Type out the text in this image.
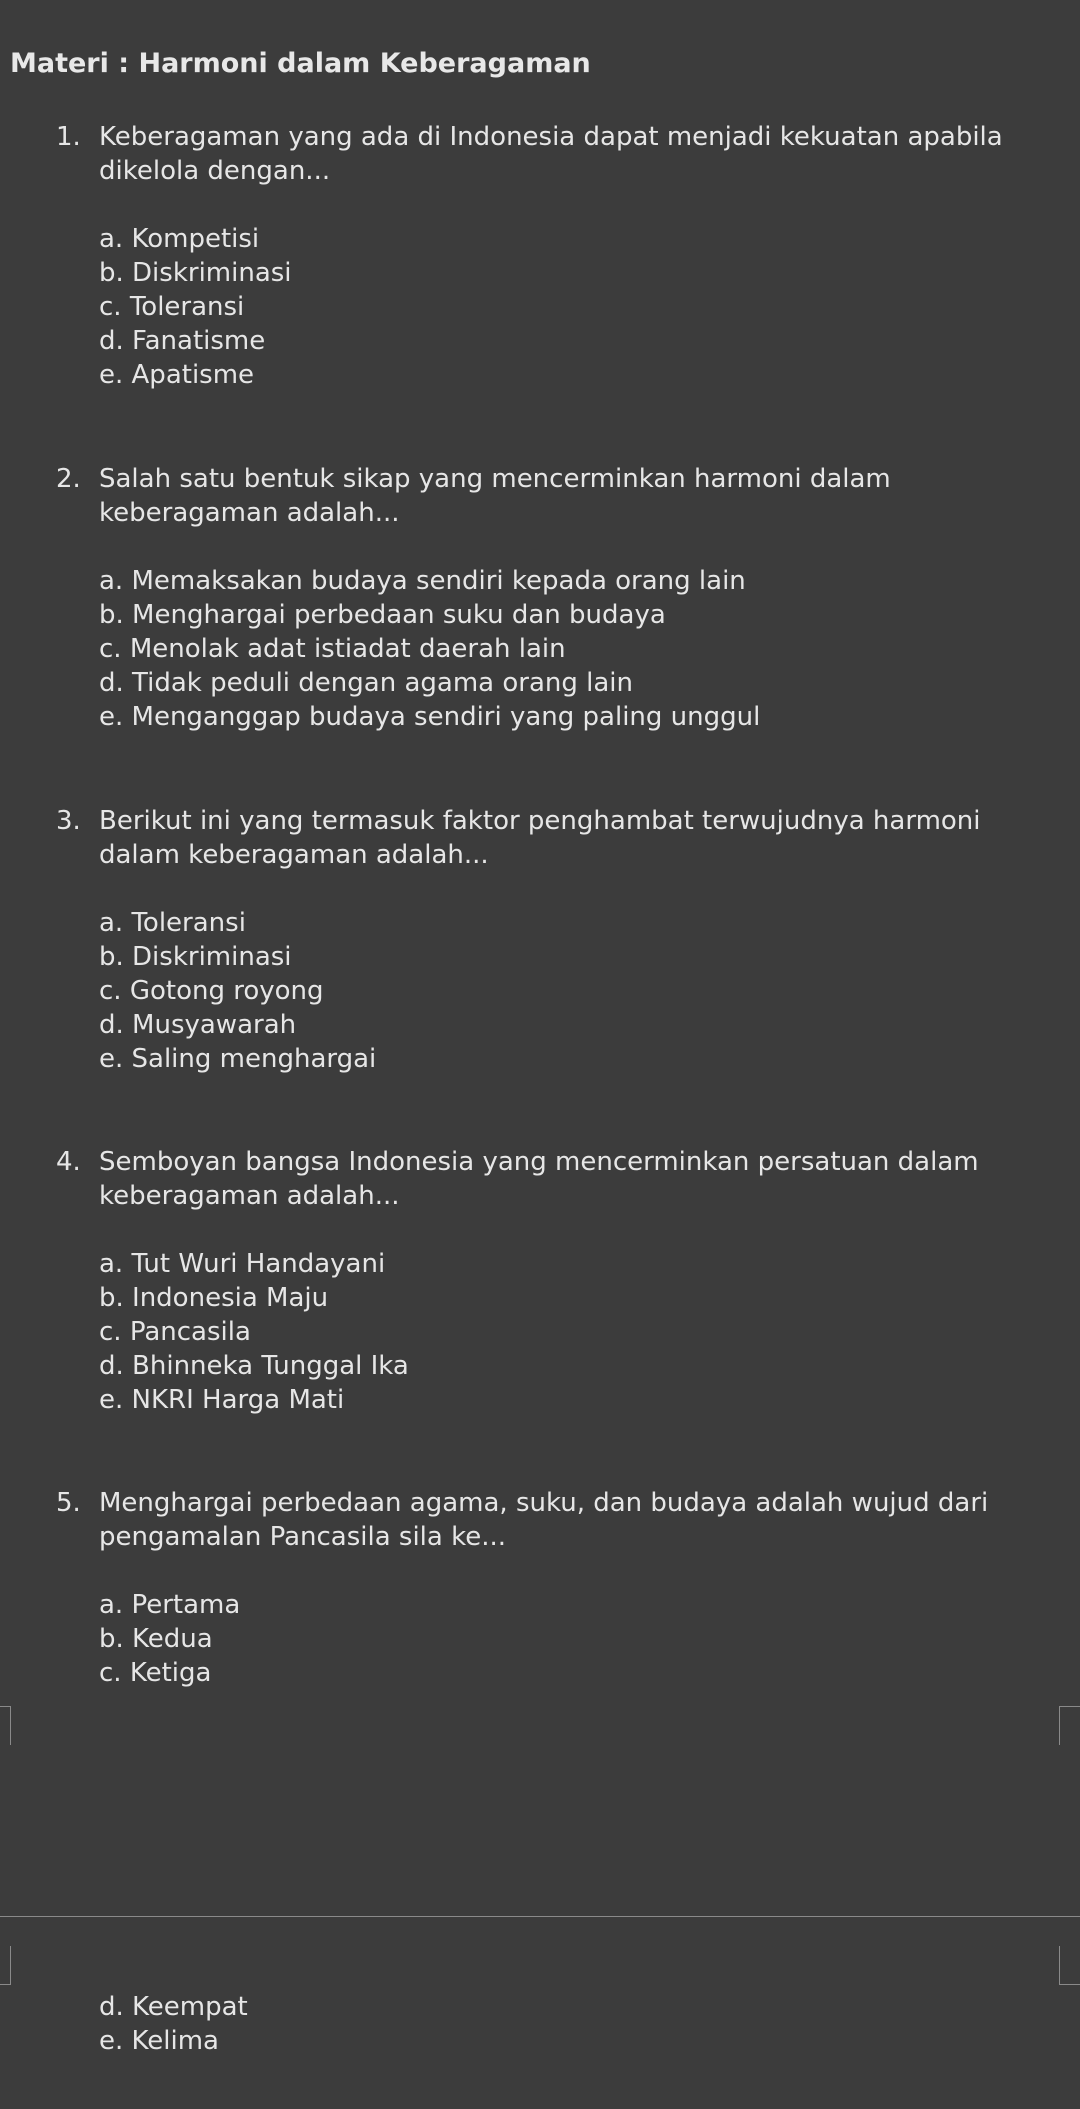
Materi : Harmoni dalam Keberagaman
1. Keberagaman yang ada di Indonesia dapat menjadi kekuatan apabila dikelola dengan...
a. Kompetisi
b. Diskriminasi
c. Toleransi
d. Fanatisme
e. Apatisme
2. Salah satu bentuk sikap yang mencerminkan harmoni dalam keberagaman adalah...
a. Memaksakan budaya sendiri kepada orang lain
b. Menghargai perbedaan suku dan budaya
c. Menolak adat istiadat daerah lain
d. Tidak peduli dengan agama orang lain
e. Menganggap budaya sendiri yang paling unggul
3. Berikut ini yang termasuk faktor penghambat terwujudnya harmoni dalam keberagaman adalah...
a. Toleransi
b. Diskriminasi
c. Gotong royong
d. Musyawarah
e. Saling menghargai
4. Semboyan bangsa Indonesia yang mencerminkan persatuan dalam keberagaman adalah...
a. Tut Wuri Handayani
b. Indonesia Maju
c. Pancasila
d. Bhinneka Tunggal Ika
e. NKRI Harga Mati
5. Menghargai perbedaan agama, suku, dan budaya adalah wujud dari pengamalan Pancasila sila ke...
a. Pertama
b. Kedua
c. Ketiga
d. Keempat
e. Kelima
